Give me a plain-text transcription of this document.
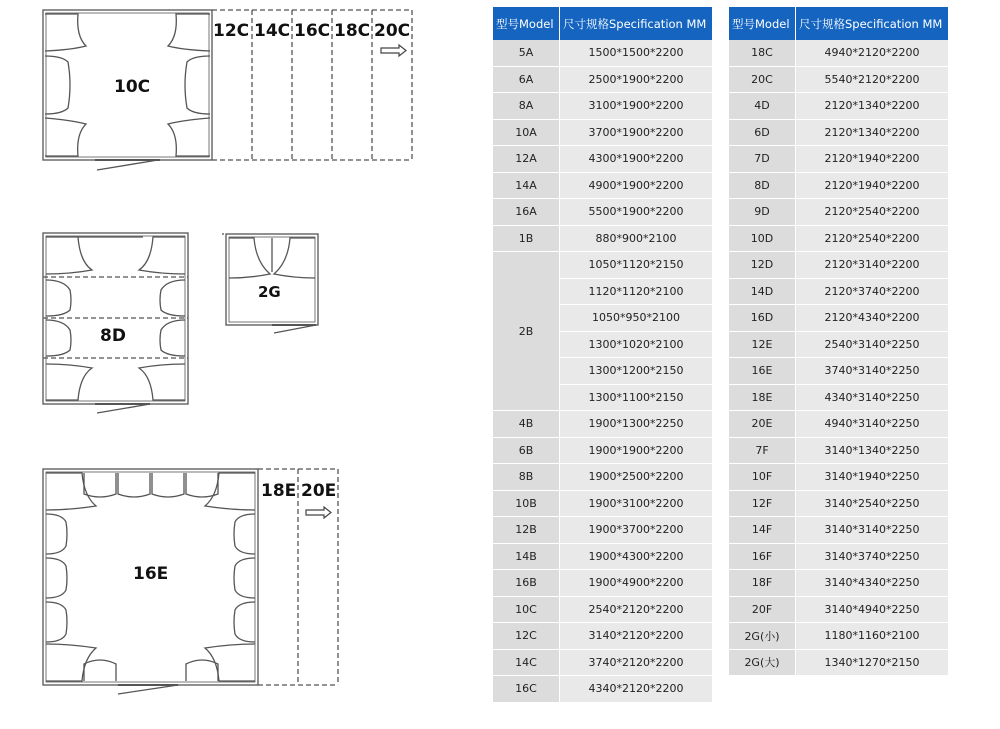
10C
12C 14C 16C 18C 20C
8D
2G
16E
18E 20E
型号Model	尺寸规格Specification MM
5A	1500*1500*2200
6A	2500*1900*2200
8A	3100*1900*2200
10A	3700*1900*2200
12A	4300*1900*2200
14A	4900*1900*2200
16A	5500*1900*2200
1B	880*900*2100
2B	1050*1120*2150
	1120*1120*2100
	1050*950*2100
	1300*1020*2100
	1300*1200*2150
	1300*1100*2150
4B	1900*1300*2250
6B	1900*1900*2200
8B	1900*2500*2200
10B	1900*3100*2200
12B	1900*3700*2200
14B	1900*4300*2200
16B	1900*4900*2200
10C	2540*2120*2200
12C	3140*2120*2200
14C	3740*2120*2200
16C	4340*2120*2200
型号Model	尺寸规格Specification MM
18C	4940*2120*2200
20C	5540*2120*2200
4D	2120*1340*2200
6D	2120*1340*2200
7D	2120*1940*2200
8D	2120*1940*2200
9D	2120*2540*2200
10D	2120*2540*2200
12D	2120*3140*2200
14D	2120*3740*2200
16D	2120*4340*2200
12E	2540*3140*2250
16E	3740*3140*2250
18E	4340*3140*2250
20E	4940*3140*2250
7F	3140*1340*2250
10F	3140*1940*2250
12F	3140*2540*2250
14F	3140*3140*2250
16F	3140*3740*2250
18F	3140*4340*2250
20F	3140*4940*2250
2G(小)	1180*1160*2100
2G(大)	1340*1270*2150
